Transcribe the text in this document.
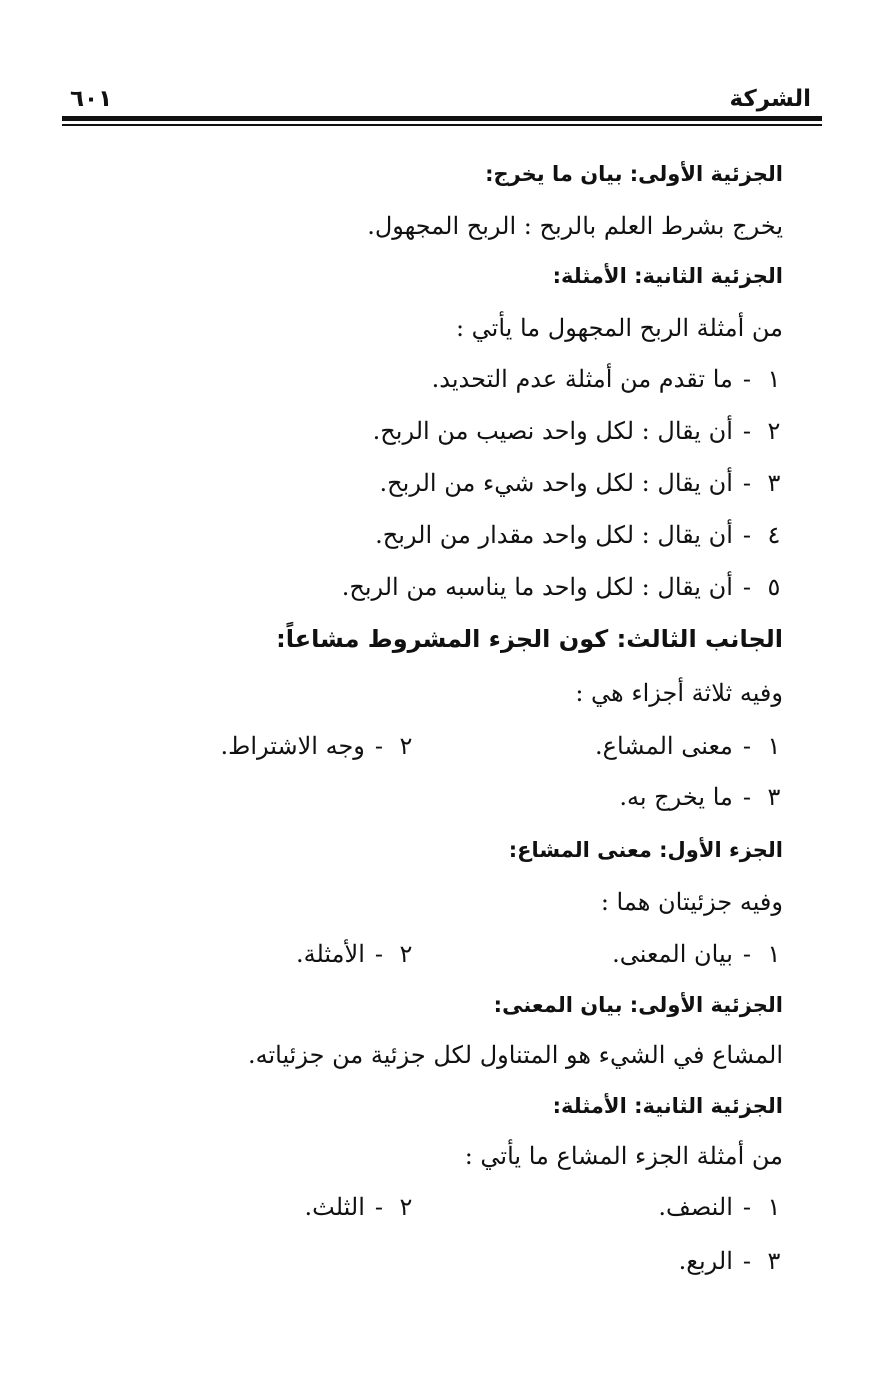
الشركة
٦٠١
الجزئية الأولى: بيان ما يخرج:
يخرج بشرط العلم بالربح : الربح المجهول.
الجزئية الثانية: الأمثلة:
من أمثلة الربح المجهول ما يأتي :
١-ما تقدم من أمثلة عدم التحديد.
٢-أن يقال : لكل واحد نصيب من الربح.
٣-أن يقال : لكل واحد شيء من الربح.
٤-أن يقال : لكل واحد مقدار من الربح.
٥-أن يقال : لكل واحد ما يناسبه من الربح.
الجانب الثالث: كون الجزء المشروط مشاعاً:
وفيه ثلاثة أجزاء هي :
١-معنى المشاع.
٢-وجه الاشتراط.
٣-ما يخرج به.
الجزء الأول: معنى المشاع:
وفيه جزئيتان هما :
١-بيان المعنى.
٢-الأمثلة.
الجزئية الأولى: بيان المعنى:
المشاع في الشيء هو المتناول لكل جزئية من جزئياته.
الجزئية الثانية: الأمثلة:
من أمثلة الجزء المشاع ما يأتي :
١-النصف.
٢-الثلث.
٣-الربع.
